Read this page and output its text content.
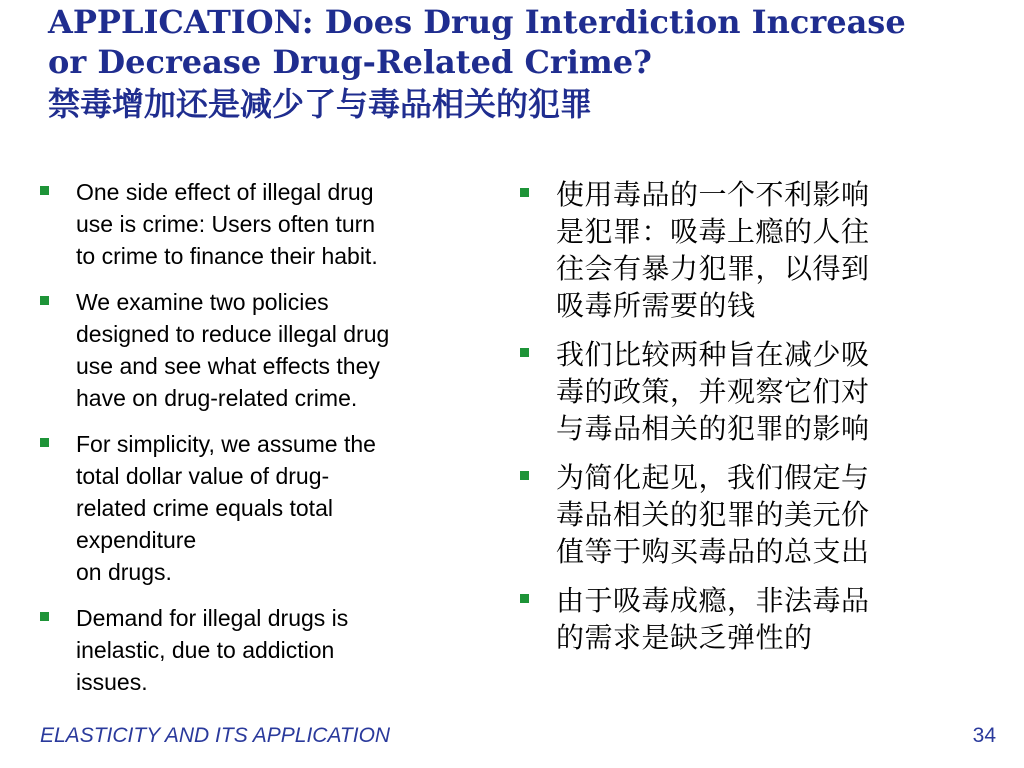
APPLICATION: Does Drug Interdiction Increase
or Decrease Drug-Related Crime?
禁毒增加还是减少了与毒品相关的犯罪
One side effect of illegal drug
use is crime: Users often turn
to crime to finance their habit.
We examine two policies
designed to reduce illegal drug
use and see what effects they
have on drug-related crime.
For simplicity, we assume the
total dollar value of drug-
related crime equals total
expenditure
on drugs.
Demand for illegal drugs is
inelastic, due to addiction
issues.
使用毒品的一个不利影响
是犯罪：吸毒上瘾的人往
往会有暴力犯罪，以得到
吸毒所需要的钱
我们比较两种旨在减少吸
毒的政策，并观察它们对
与毒品相关的犯罪的影响
为简化起见，我们假定与
毒品相关的犯罪的美元价
值等于购买毒品的总支出
由于吸毒成瘾，非法毒品
的需求是缺乏弹性的
ELASTICITY AND ITS APPLICATION	34
